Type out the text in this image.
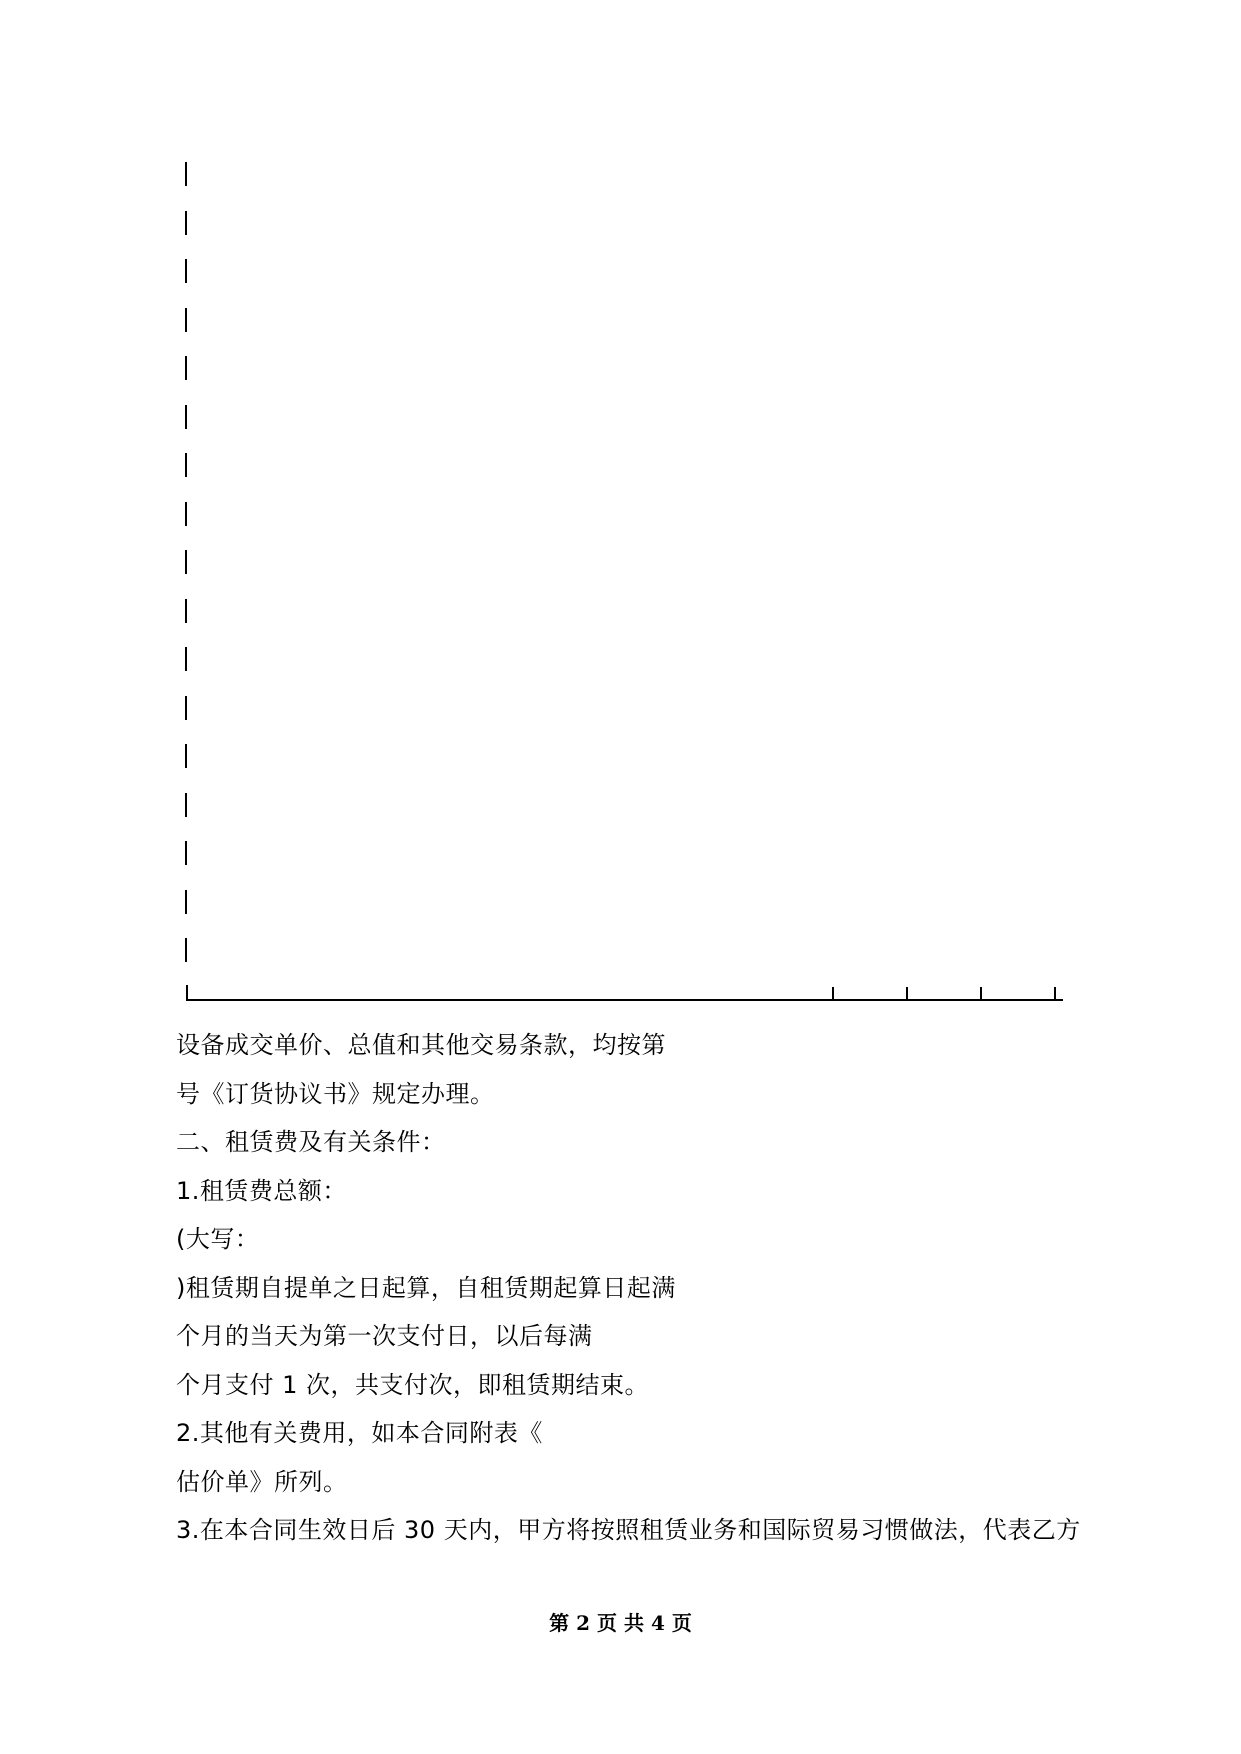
设备成交单价、总值和其他交易条款，均按第
号《订货协议书》规定办理。
二、租赁费及有关条件：
1.租赁费总额：
(大写：
)租赁期自提单之日起算，自租赁期起算日起满
个月的当天为第一次支付日，以后每满
个月支付 1 次，共支付次，即租赁期结束。
2.其他有关费用，如本合同附表《
估价单》所列。
3.在本合同生效日后 30 天内，甲方将按照租赁业务和国际贸易习惯做法，代表乙方
第 2 页 共 4 页
